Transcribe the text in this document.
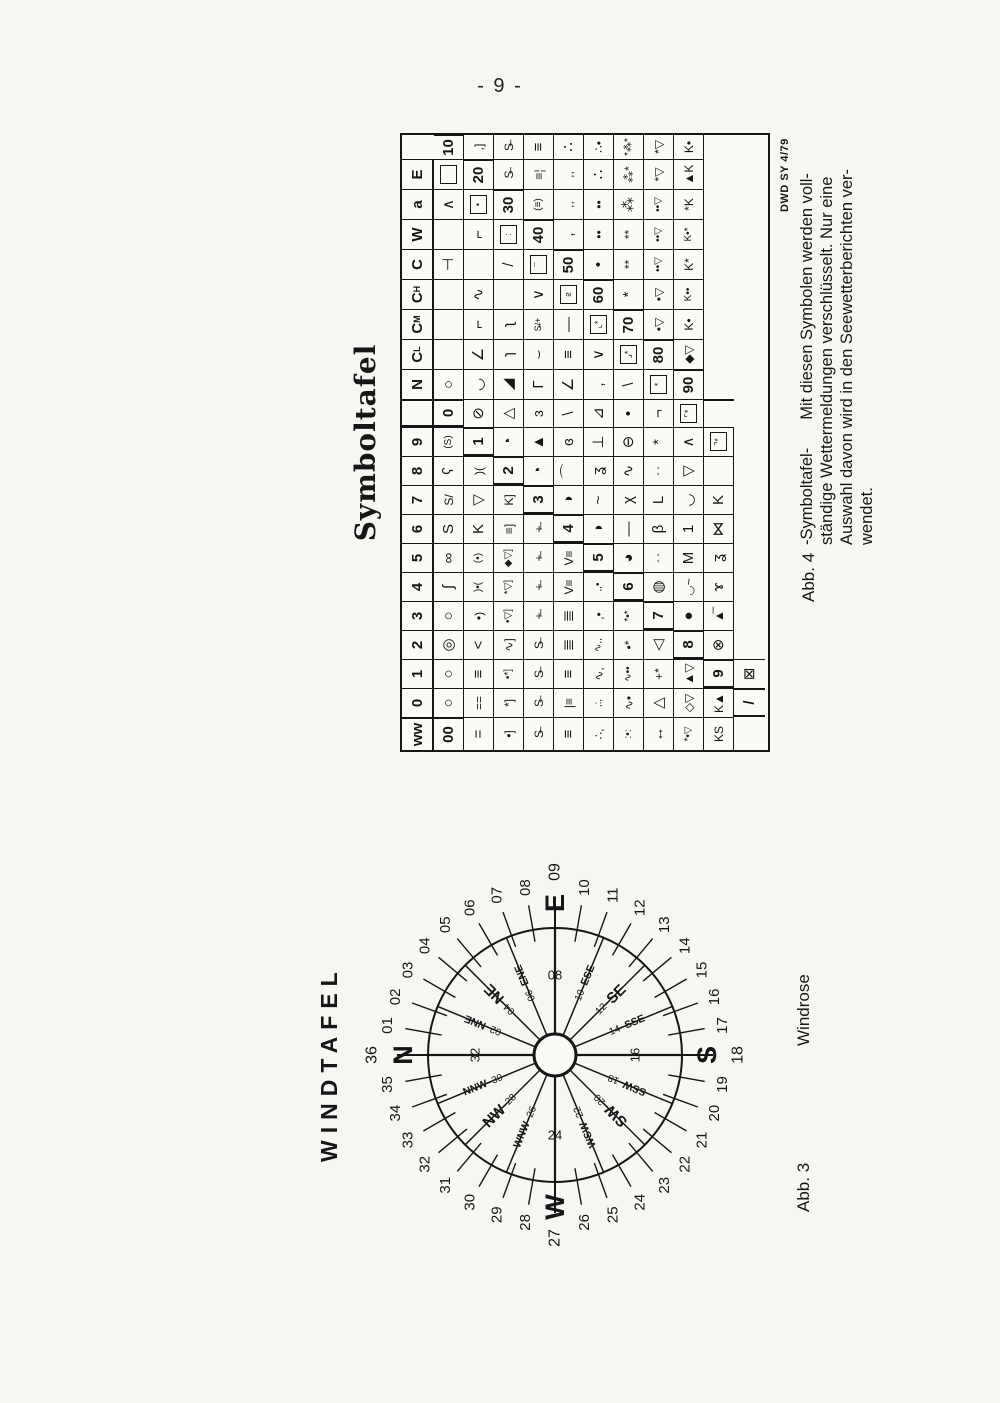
- 9 -
Symboltafel
ww
0
1
2
3
4
5
6
7
8
9
N
C
L
C
M
C
H
C
W
a
E
00
○
○
◎
○
ʃ
∞
S
S/
ʕ
(S)
0
○
⊣
∧
10
=
==
≡
<
•)
)•(
(•)
K
▽
)(
1
⊘
◡
∠
⌐
∿
⌐
•
20
,]
•]
*]
•*]
∿]
•▽]
*▽]
◆▽]
≡]
K]
2
◔
△
◢
ɿ
ʅ
/
:
30
S̶
S̶
S̶
S̶
S̶
S̶
+̶
+̶
+̶
+̶
3
◔
▲
ɜ
Γ
⌣
S̶/+
∨
¯
40
(≡)
≡¦
≡
≡
|≡
≡
≣
≣
V≡
V≡
4
◑
⌒
ɞ
\
∠
≡
—
ƨ
50
,
,,
,,
∴
∴,
,:,
∿,
∿,,
,•
,,•
5
◑
~
ʓ
⊥
⊿
,
∨
⌞*
60
•
••
••
∴
∴•
:•:
∿•
∿••
•*
*•*
6
◕
—
χ
∿
⊖
•
\
⌟*
70
*
**
**
⁂
⁂*
*⁂*
↔
△
+*
◁
7
◍
‐ ‐
β
L
‐ ‐
*
¬
*
80
•▽
•▽
••▽
••▽
••▽
*▽
*▽
*•▽
◇▽
▲▽
8
●
◡~
M
1
◡
▽
∧
⌜*
90
◆▽
K•
K••
K*
K•*
*K
▲K
K•
KS
K▲
9
⊗
▲̅
ɤ
ʓ
⋈
K
⌝*
/
⊠
DWD SY 4/79
Abb. 4
-Symboltafel-Mit diesen Symbolen werden voll- ständige Wettermeldungen verschlüsselt. Nur eine Auswahl davon wird in den Seewetterberichten ver- wendet.
WINDTAFEL 01
02
03
04
05
06
07 08	10 11
12
13
14
15
16
17
19
20
21
22
23
24
25
26
28
29
30
31
32
33
34
35
N
36
E
09
S 18
W
27
32
08
16
24
02–NNE
04–NE	06–ENE
10–ESE
12–SE
14–SSE
SSW–18
SW–20
WSW–22
WNW–26
NW–28
NNW–30
Abb. 3
Windrose
